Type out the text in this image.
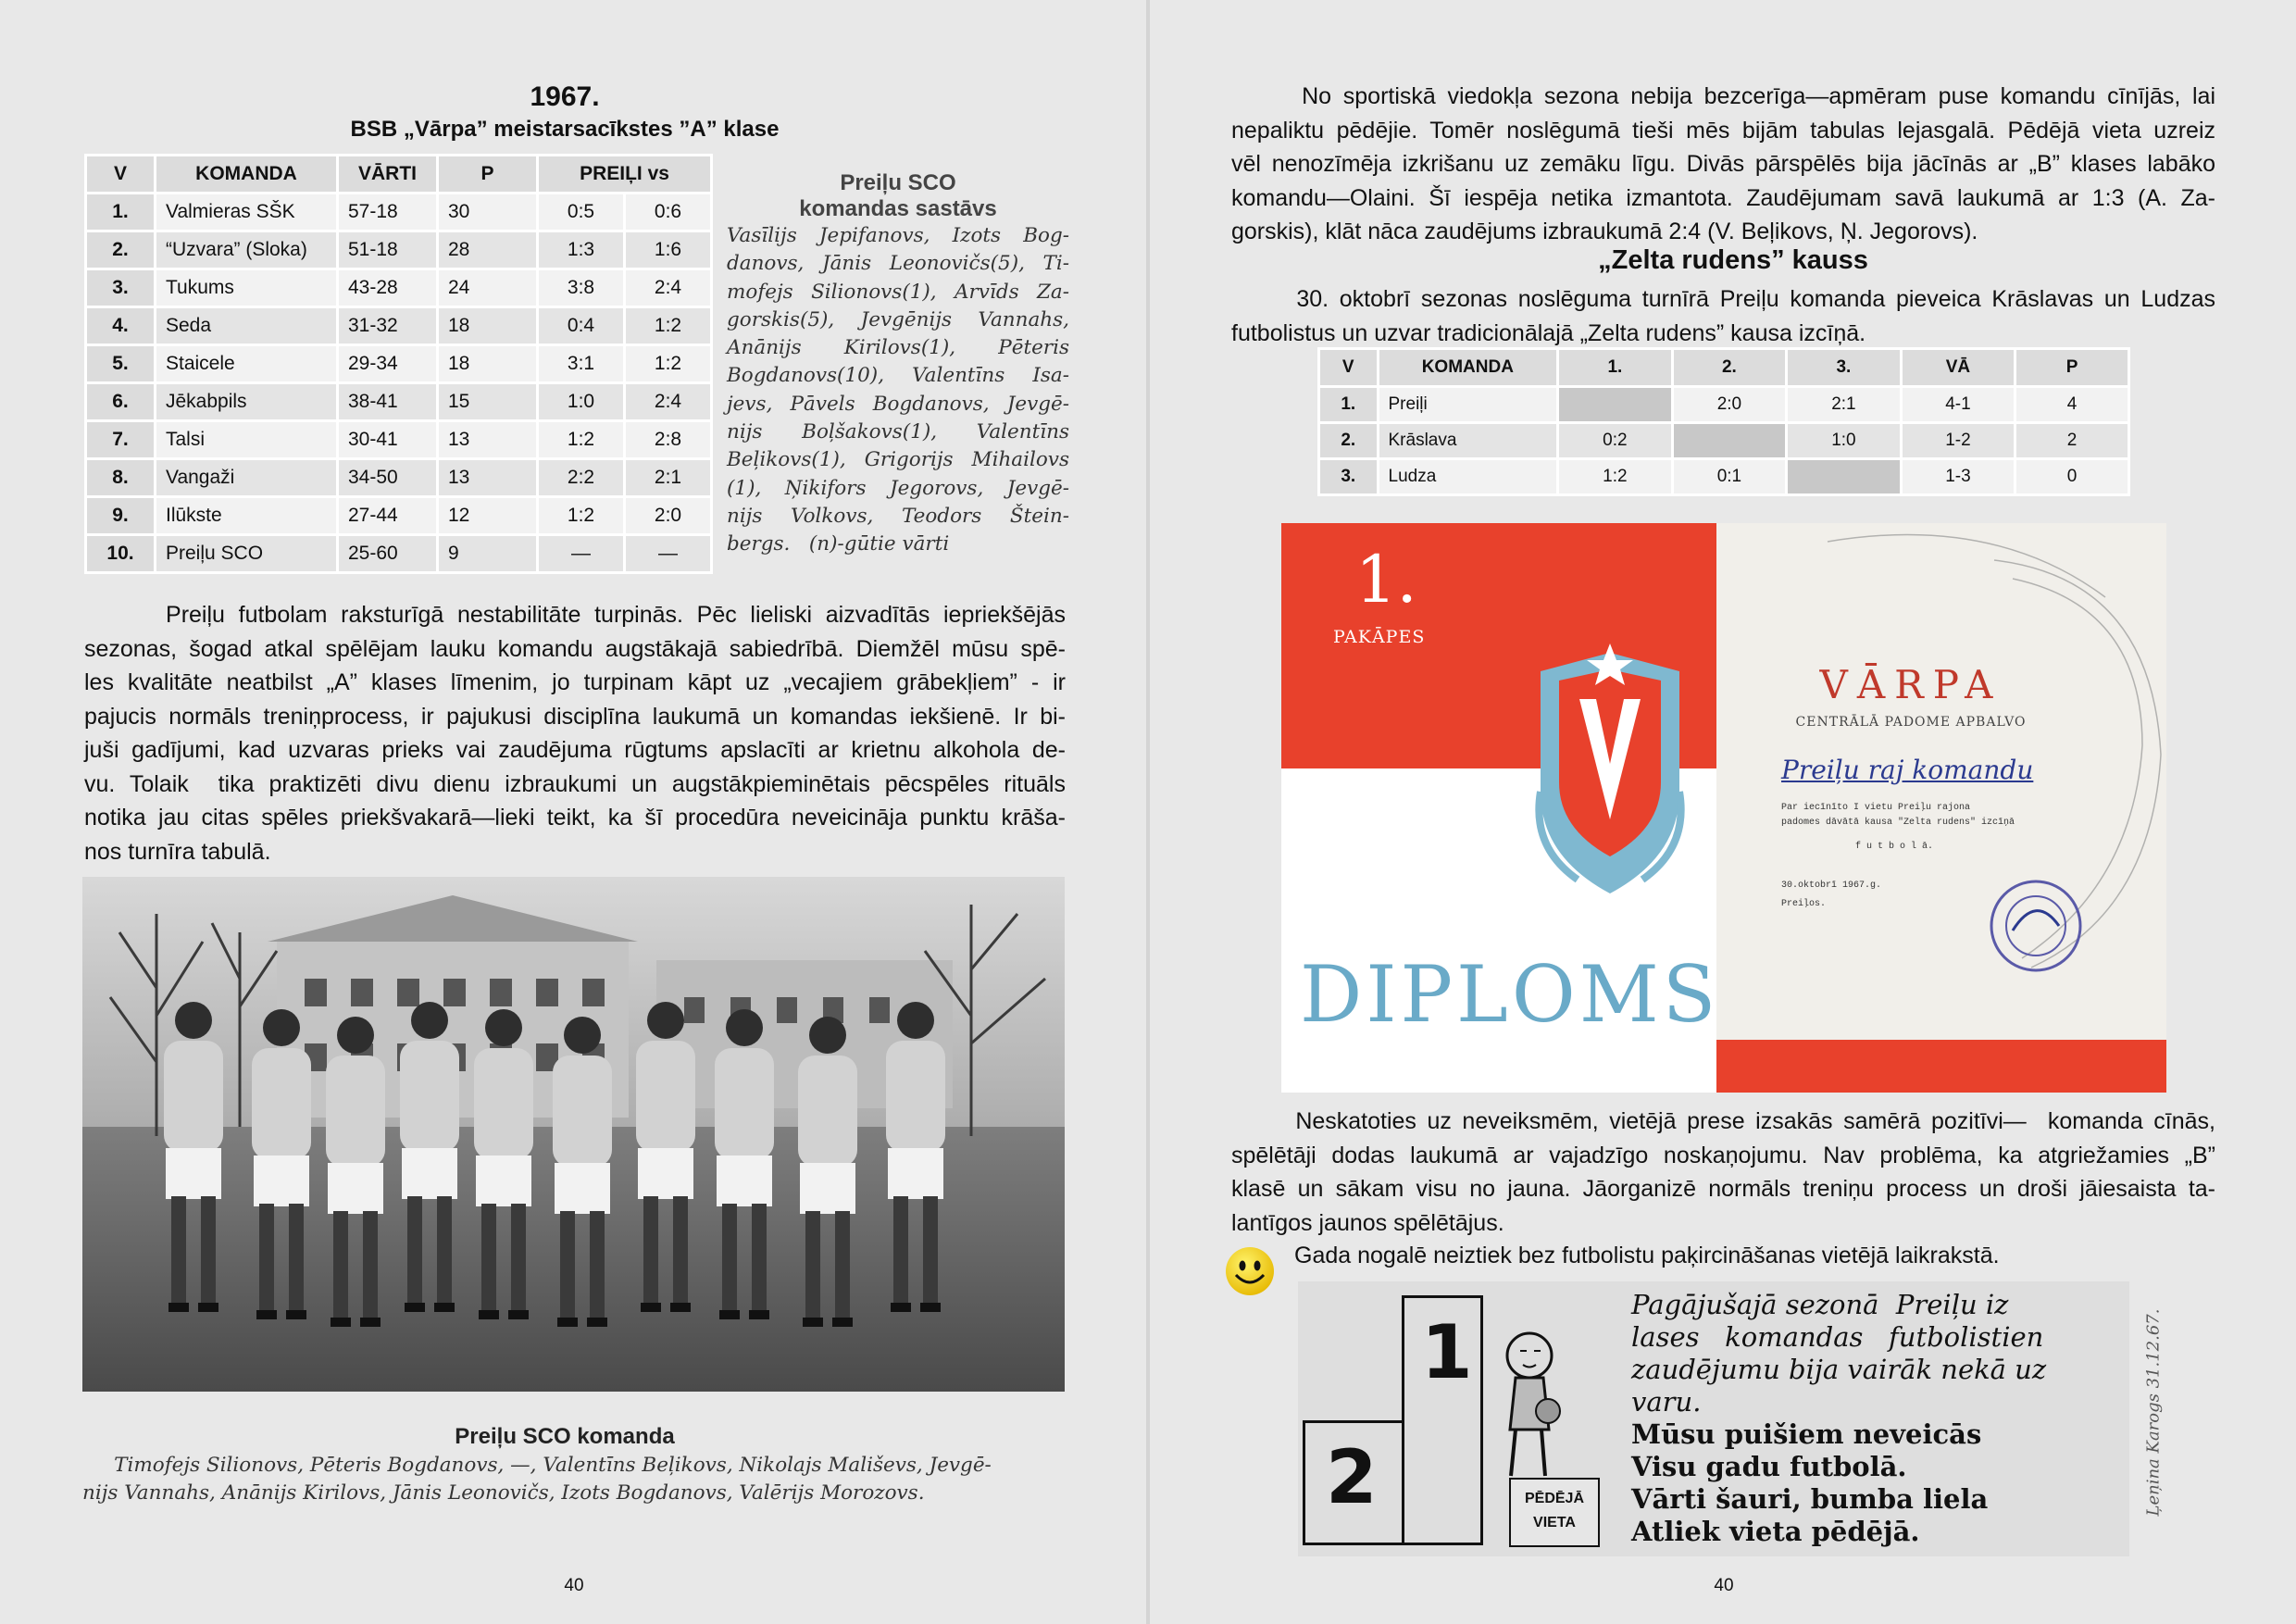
1967.
BSB „Vārpa” meistarsacīkstes ”A” klase
V	KOMANDA	VĀRTI	P	PREIĻI vs	
1.	Valmieras SŠK	57-18	30	0:5	0:6
2.	“Uzvara” (Sloka)	51-18	28	1:3	1:6
3.	Tukums	43-28	24	3:8	2:4
4.	Seda	31-32	18	0:4	1:2
5.	Staicele	29-34	18	3:1	1:2
6.	Jēkabpils	38-41	15	1:0	2:4
7.	Talsi	30-41	13	1:2	2:8
8.	Vangaži	34-50	13	2:2	2:1
9.	Ilūkste	27-44	12	1:2	2:0
10.	Preiļu SCO	25-60	9	—	—
Preiļu SCO
komandas sastāvs
Vasīlijs Jepifanovs, Izots Bog-
danovs, Jānis Leonovičs(5), Ti-
mofejs Silionovs(1), Arvīds Za-
gorskis(5), Jevgēnijs Vannahs,
Anānijs   Kirilovs(1),   Pēteris
Bogdanovs(10), Valentīns Isa-
jevs, Pāvels Bogdanovs, Jevgē-
nijs   Boļšakovs(1),   Valentīns
Beļikovs(1), Grigorijs Mihailovs
(1), Ņikifors Jegorovs, Jevgē-
nijs Volkovs, Teodors Štein-
bergs.   (n)-gūtie vārti
Preiļu futbolam raksturīgā nestabilitāte turpinās. Pēc lieliski aizvadītās iepriekšējās
sezonas, šogad atkal spēlējam lauku komandu augstākajā sabiedrībā. Diemžēl mūsu spē-
les kvalitāte neatbilst „A” klases līmenim, jo turpinam kāpt uz „vecajiem grābekļiem” - ir
pajucis normāls treniņprocess, ir pajukusi disciplīna laukumā un komandas iekšienē. Ir bi-
juši gadījumi, kad uzvaras prieks vai zaudējuma rūgtums apslacīti ar krietnu alkohola de-
vu. Tolaik  tika praktizēti divu dienu izbraukumi un augstākpieminētais pēcspēles rituāls
notika jau citas spēles priekšvakarā—lieki teikt, ka šī procedūra neveicināja punktu krāša-
nos turnīra tabulā.
Preiļu SCO komanda
Timofejs Silionovs, Pēteris Bogdanovs, —, Valentīns Beļikovs, Nikolajs Mališevs, Jevgē-
nijs Vannahs, Anānijs Kirilovs, Jānis Leonovičs, Izots Bogdanovs, Valērijs Morozovs.
40
No sportiskā viedokļa sezona nebija bezcerīga—apmēram puse komandu cīnījās, lai
nepaliktu pēdējie. Tomēr noslēgumā tieši mēs bijām tabulas lejasgalā. Pēdējā vieta uzreiz
vēl nenozīmēja izkrišanu uz zemāku līgu. Divās pārspēlēs bija jācīnās ar „B” klases labāko
komandu—Olaini. Šī iespēja netika izmantota. Zaudējumam savā laukumā ar 1:3 (A. Za-
gorskis), klāt nāca zaudējums izbraukumā 2:4 (V. Beļikovs, Ņ. Jegorovs).
„Zelta rudens” kauss
30. oktobrī sezonas noslēguma turnīrā Preiļu komanda pieveica Krāslavas un Ludzas
futbolistus un uzvar tradicionālajā „Zelta rudens” kausa izcīņā.
V	KOMANDA	1.	2.	3.	VĀ	P
1.	Preiļi		2:0	2:1	4-1	4
2.	Krāslava	0:2		1:0	1-2	2
3.	Ludza	1:2	0:1		1-3	0
1.
PAKĀPES
VĀRPA
CENTRĀLĀ PADOME APBALVO
Preiļu raj komandu
Par iecīnīto I vietu Preiļu rajona
padomes dāvātā kausa "Zelta rudens" izcīņā
f u t b o l ā.
30.oktobrī 1967.g.
Preiļos.
DIPLOMS
Neskatoties uz neveiksmēm, vietējā prese izsakās samērā pozitīvi—  komanda cīnās,
spēlētāji dodas laukumā ar vajadzīgo noskaņojumu. Nav problēma, ka atgriežamies „B”
klasē un sākam visu no jauna. Jāorganizē normāls treniņu process un droši jāiesaista ta-
lantīgos jaunos spēlētājus.
Gada nogalē neiztiek bez futbolistu paķircināšanas vietējā laikrakstā.
1
2	PĒDĒJĀ
VIETA
Pagājušajā sezonā  Preiļu iz
lases   komandas   futbolistien
zaudējumu bija vairāk nekā uz
varu.
Mūsu puišiem neveicās
Visu gadu futbolā.
Vārti šauri, bumba liela
Atliek vieta pēdējā.
Ļeņina Karogs 31.12.67.
40
